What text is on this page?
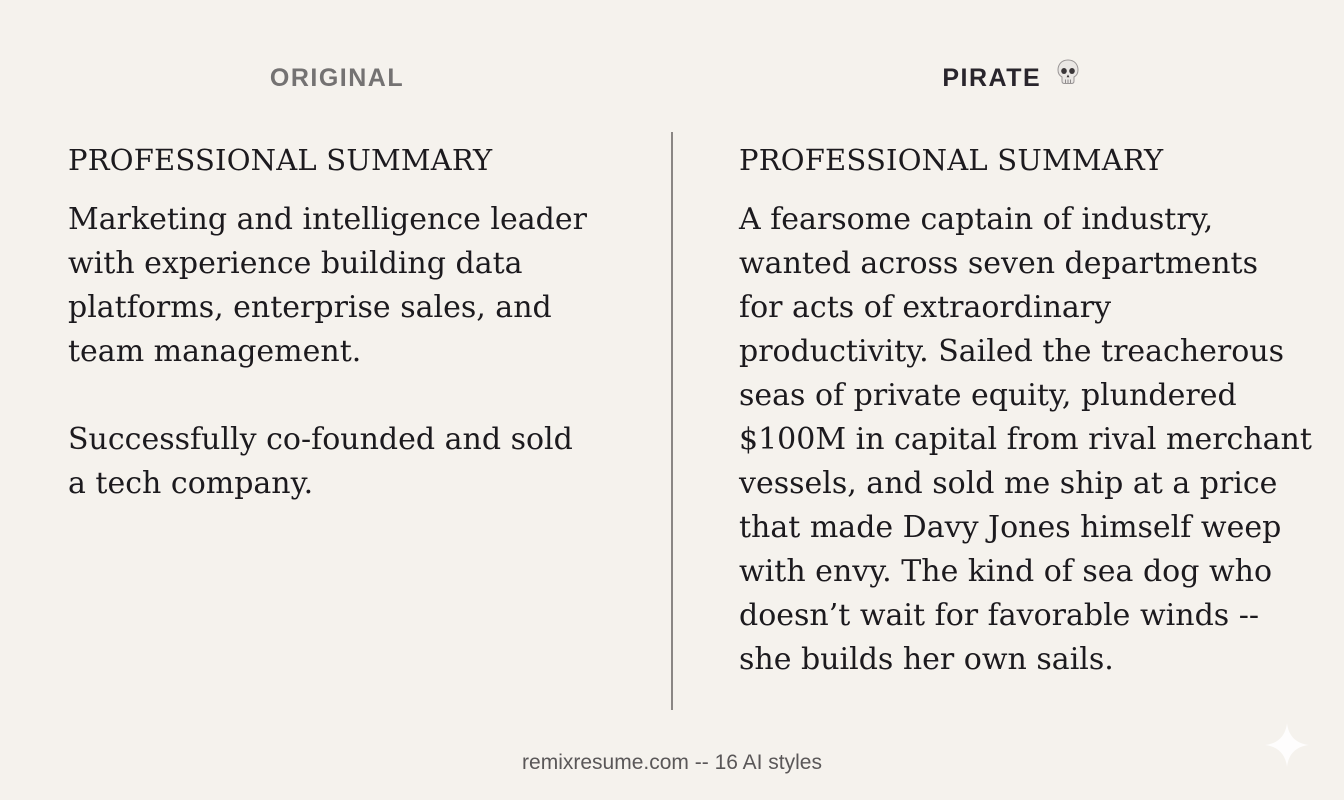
ORIGINAL	PIRATE
PROFESSIONAL SUMMARY
Marketing and intelligence leader
with experience building data
platforms, enterprise sales, and
team management.
Successfully co-founded and sold
a tech company.
PROFESSIONAL SUMMARY
A fearsome captain of industry,
wanted across seven departments
for acts of extraordinary
productivity. Sailed the treacherous
seas of private equity, plundered
$100M in capital from rival merchant
vessels, and sold me ship at a price
that made Davy Jones himself weep
with envy. The kind of sea dog who
doesn’t wait for favorable winds --
she builds her own sails.
remixresume.com -- 16 AI styles
